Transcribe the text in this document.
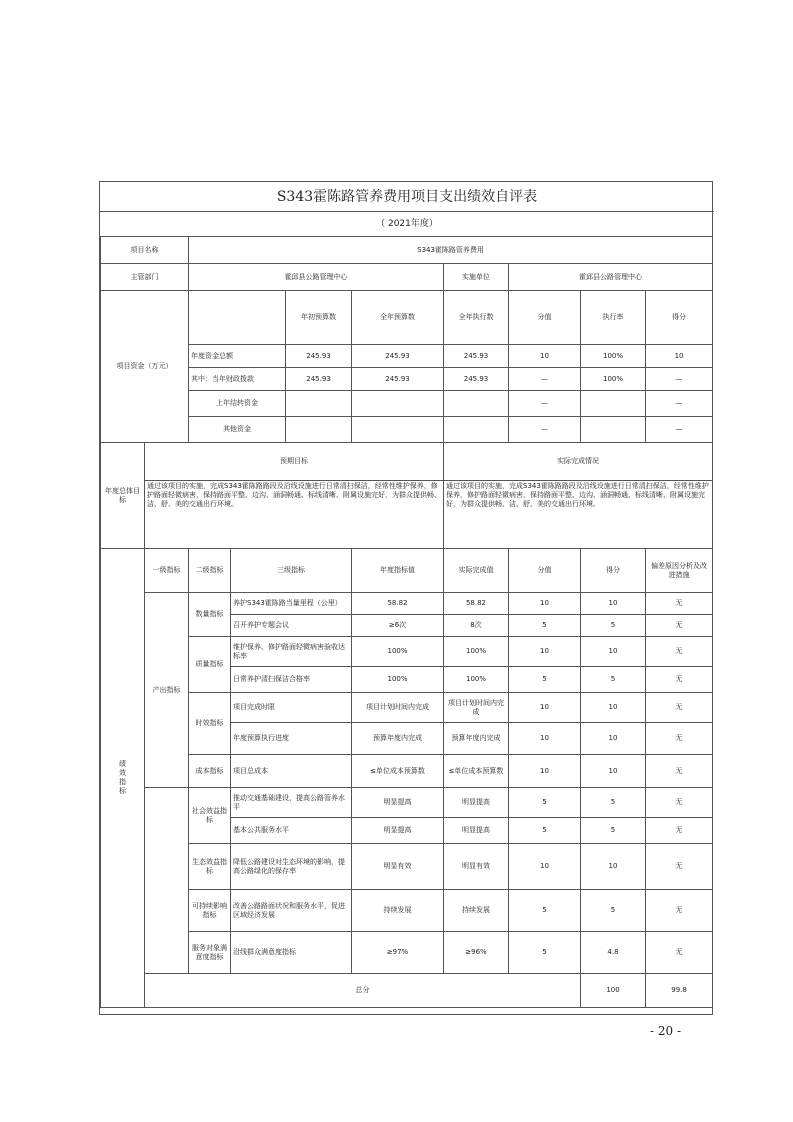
S343霍陈路管养费用项目支出绩效自评表
（ 2021年度）
项目名称		S343霍陈路管养费用								
主管部门		霍邱县公路管理中心				实施单位	霍邱县公路管理中心			
项目资金（万元）				年初预算数	全年预算数	全年执行数	分值	执行率	得分	
		年度资金总额		245.93	245.93	245.93	10	100%	10	
		其中：当年财政拨款		245.93	245.93	245.93	—	100%	—	
		上年结转资金					—		—	
		其他资金					—		—	
年度总体目标	预期目标					实际完成情况				
	通过该项目的实施，完成S343霍陈路路段及沿线设施进行日常清扫保洁，经常性维护保养，修护路面轻微病害，保持路面平整、边沟、涵洞畅通、标线清晰、附属设施完好，为群众提供畅、洁、舒、美的交通出行环境。					通过该项目的实施，完成S343霍陈路路段及沿线设施进行日常清扫保洁，经常性维护保养，修护路面轻微病害，保持路面平整、边沟、涵洞畅通、标线清晰、附属设施完好，为群众提供畅、洁、舒、美的交通出行环境。				
绩效指标	一级指标	二级指标	三级指标		年度指标值	实际完成值	分值	得分	偏差原因分析及改进措施	
	产出指标	数量指标	养护S343霍陈路当量里程（公里）		58.82	58.82	10	10	无	
			召开养护专题会议		≥6次	8次	5	5	无	
		质量指标	维护保养、修护路面轻微病害验收达标率		100%	100%	10	10	无	
			日常养护清扫保洁合格率		100%	100%	5	5	无	
		时效指标	项目完成时限		项目计划时间内完成	项目计划时间内完成	10	10	无	
			年度预算执行进度		预算年度内完成	预算年度内完成	10	10	无	
		成本指标	项目总成本		≤单位成本预算数	≤单位成本预算数	10	10	无	
		社会效益指标	推动交通基础建设，提高公路管养水平		明显提高	明显提高	5	5	无	
			基本公共服务水平		明显提高	明显提高	5	5	无	
		生态效益指标	降低公路建设对生态环境的影响，提高公路绿化的保存率		明显有效	明显有效	10	10	无	
		可持续影响指标	改善公路路面状况和服务水平，促进区域经济发展		持续发展	持续发展	5	5	无	
		服务对象满意度指标	沿线群众满意度指标		≥97%	≥96%	5	4.8	无	
	总分							100	99.8	
- 20 -
